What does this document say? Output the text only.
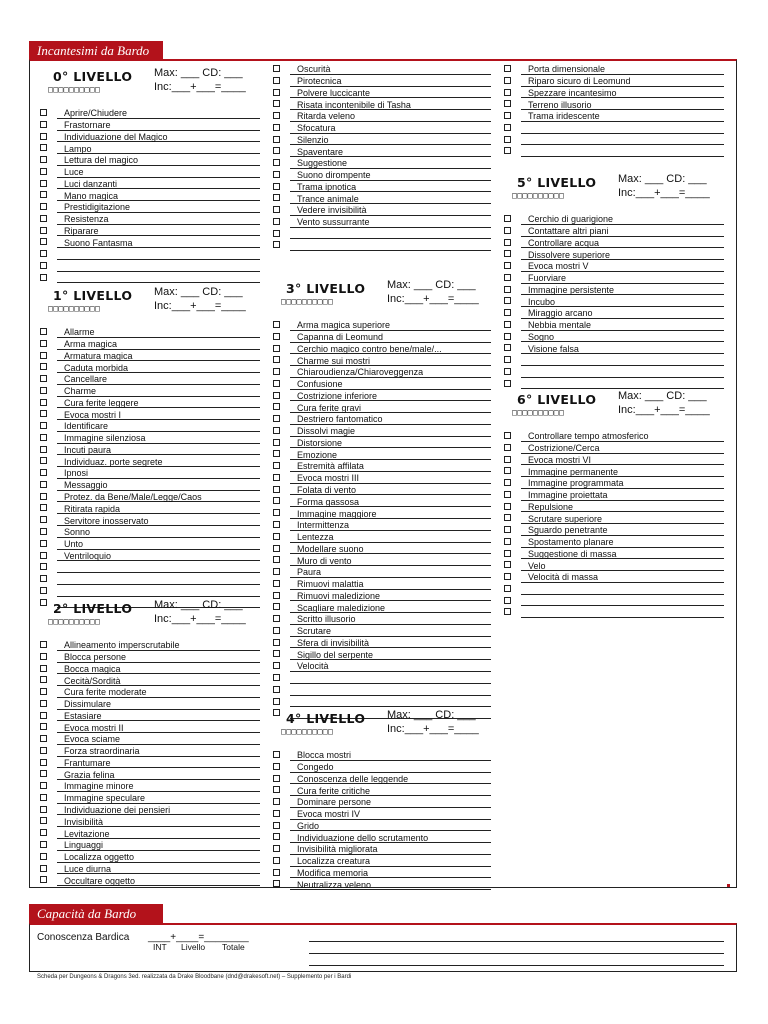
Incantesimi da Bardo
0° LIVELLO
□□□□□□□□□□
Max: ___ CD: ___
Inc:___+___=____
Aprire/Chiudere
Frastornare
Individuazione del Magico
Lampo
Lettura del magico
Luce
Luci danzanti
Mano magica
Prestidigitazione
Resistenza
Riparare
Suono Fantasma
1° LIVELLO
□□□□□□□□□□
Max: ___ CD: ___
Inc:___+___=____
Allarme
Arma magica
Armatura magica
Caduta morbida
Cancellare
Charme
Cura ferite leggere
Evoca mostri I
Identificare
Immagine silenziosa
Incuti paura
Individuaz. porte segrete
Ipnosi
Messaggio
Protez. da Bene/Male/Legge/Caos
Ritirata rapida
Servitore inosservato
Sonno
Unto
Ventriloquio
2° LIVELLO
□□□□□□□□□□
Max: ___ CD: ___
Inc:___+___=____
Allineamento imperscrutabile
Blocca persone
Bocca magica
Cecità/Sordità
Cura ferite moderate
Dissimulare
Estasiare
Evoca mostri II
Evoca sciame
Forza straordinaria
Frantumare
Grazia felina
Immagine minore
Immagine speculare
Individuazione dei pensieri
Invisibilità
Levitazione
Linguaggi
Localizza oggetto
Luce diurna
Occultare oggetto
Oscurità
Pirotecnica
Polvere luccicante
Risata incontenibile di Tasha
Ritarda veleno
Sfocatura
Silenzio
Spaventare
Suggestione
Suono dirompente
Trama ipnotica
Trance animale
Vedere invisibilità
Vento sussurrante
3° LIVELLO
□□□□□□□□□□
Max: ___ CD: ___
Inc:___+___=____
Arma magica superiore
Capanna di Leomund
Cerchio magico contro bene/male/...
Charme sui mostri
Chiaroudienza/Chiaroveggenza
Confusione
Costrizione inferiore
Cura ferite gravi
Destriero fantomatico
Dissolvi magie
Distorsione
Emozione
Estremità affilata
Evoca mostri III
Folata di vento
Forma gassosa
Immagine maggiore
Intermittenza
Lentezza
Modellare suono
Muro di vento
Paura
Rimuovi malattia
Rimuovi maledizione
Scagliare maledizione
Scritto illusorio
Scrutare
Sfera di invisibilità
Sigillo del serpente
Velocità
4° LIVELLO
□□□□□□□□□□
Max: ___ CD: ___
Inc:___+___=____
Blocca mostri
Congedo
Conoscenza delle leggende
Cura ferite critiche
Dominare persone
Evoca mostri IV
Grido
Individuazione dello scrutamento
Invisibilità migliorata
Localizza creatura
Modifica memoria
Neutralizza veleno
Porta dimensionale
Riparo sicuro di Leomund
Spezzare incantesimo
Terreno illusorio
Trama iridescente
5° LIVELLO
□□□□□□□□□□
Max: ___ CD: ___
Inc:___+___=____
Cerchio di guarigione
Contattare altri piani
Controllare acqua
Dissolvere superiore
Evoca mostri V
Fuorviare
Immagine persistente
Incubo
Miraggio arcano
Nebbia mentale
Sogno
Visione falsa
6° LIVELLO
□□□□□□□□□□
Max: ___ CD: ___
Inc:___+___=____
Controllare tempo atmosferico
Costrizione/Cerca
Evoca mostri VI
Immagine permanente
Immagine programmata
Immagine proiettata
Repulsione
Scrutare superiore
Sguardo penetrante
Spostamento planare
Suggestione di massa
Velo
Velocità di massa
Capacità da Bardo
Conoscenza Bardica ____+____=________
INT Livello Totale
Scheda per Dungeons & Dragons 3ed. realizzata da Drake Bloodbane (dnd@drakesoft.net) – Supplemento per i Bardi
